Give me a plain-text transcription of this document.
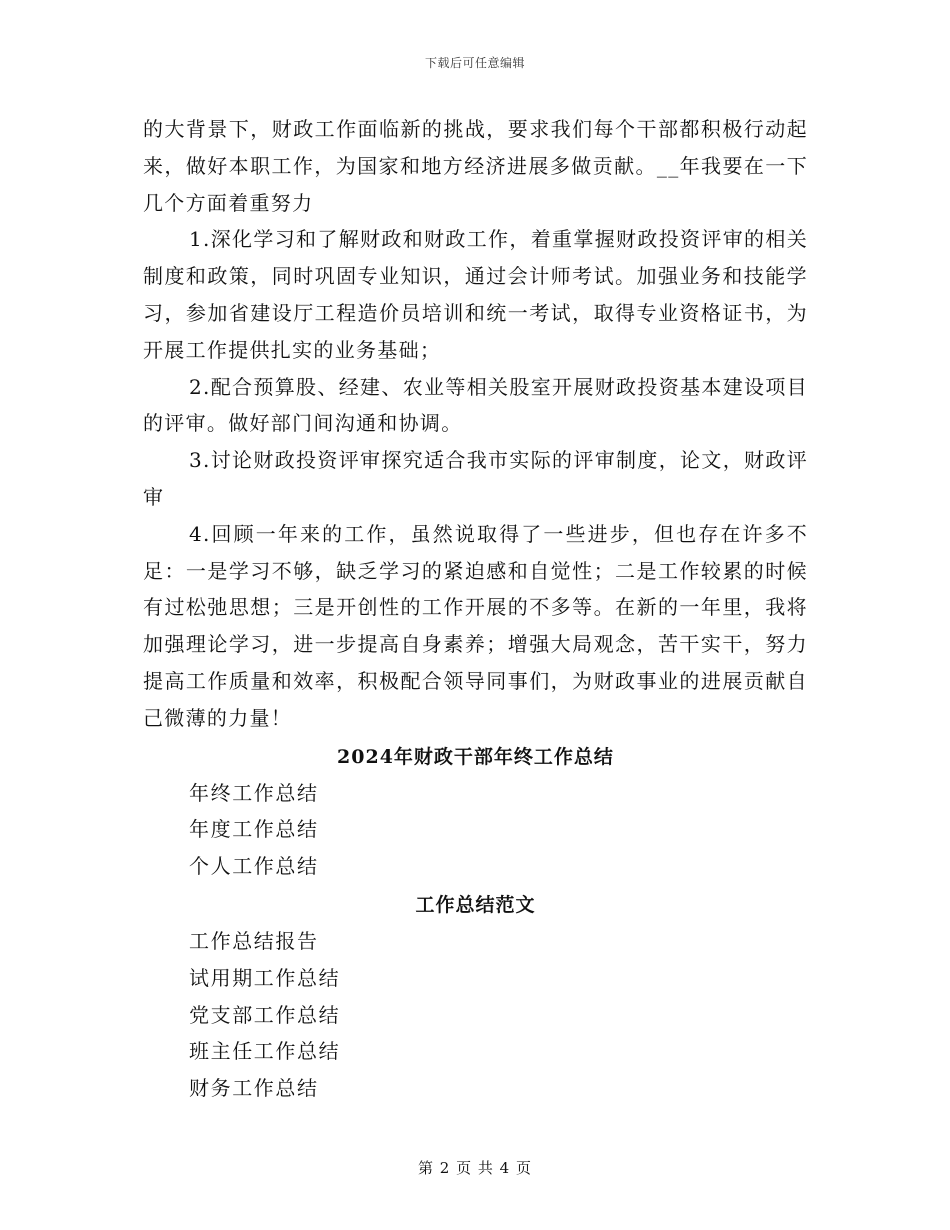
下载后可任意编辑

的大背景下，财政工作面临新的挑战，要求我们每个干部都积极行动起来，做好本职工作，为国家和地方经济进展多做贡献。__年我要在一下几个方面着重努力

1.深化学习和了解财政和财政工作，着重掌握财政投资评审的相关制度和政策，同时巩固专业知识，通过会计师考试。加强业务和技能学习，参加省建设厅工程造价员培训和统一考试，取得专业资格证书，为开展工作提供扎实的业务基础；

2.配合预算股、经建、农业等相关股室开展财政投资基本建设项目的评审。做好部门间沟通和协调。

3.讨论财政投资评审探究适合我市实际的评审制度，论文，财政评审

4.回顾一年来的工作，虽然说取得了一些进步，但也存在许多不足：一是学习不够，缺乏学习的紧迫感和自觉性；二是工作较累的时候有过松弛思想；三是开创性的工作开展的不多等。在新的一年里，我将加强理论学习，进一步提高自身素养；增强大局观念，苦干实干，努力提高工作质量和效率，积极配合领导同事们，为财政事业的进展贡献自己微薄的力量！

2024年财政干部年终工作总结
年终工作总结
年度工作总结
个人工作总结
工作总结范文
工作总结报告
试用期工作总结
党支部工作总结
班主任工作总结
财务工作总结
第 2 页 共 4 页
